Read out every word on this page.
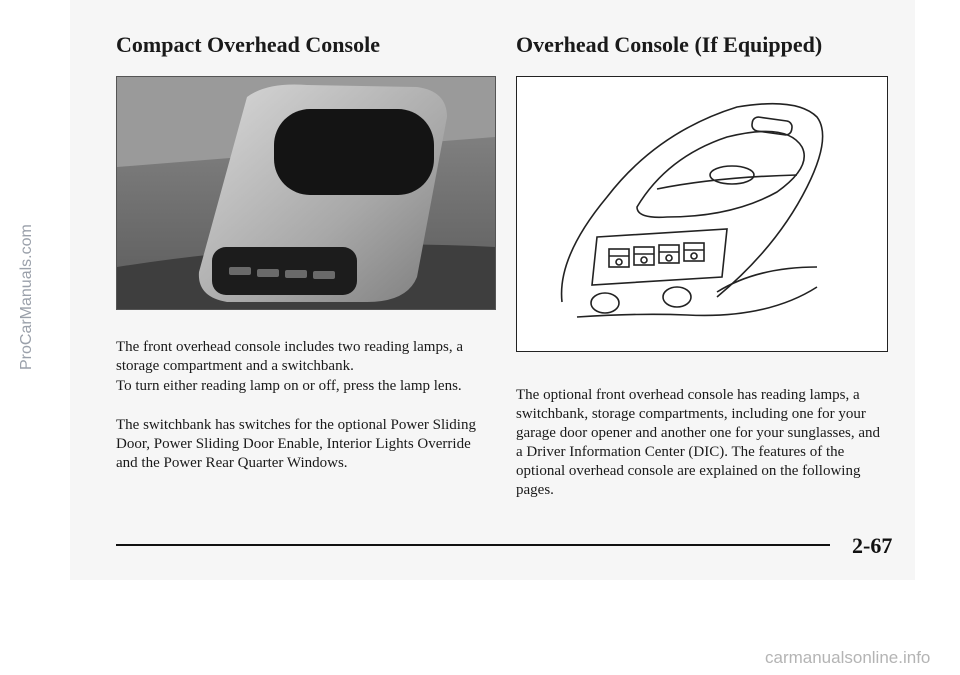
Compact Overhead Console	Overhead Console (If Equipped)

The front overhead console includes two reading lamps, a storage compartment and a switchbank.

To turn either reading lamp on or off, press the lamp lens.

The switchbank has switches for the optional Power Sliding Door, Power Sliding Door Enable, Interior Lights Override and the Power Rear Quarter Windows.

The optional front overhead console has reading lamps, a switchbank, storage compartments, including one for your garage door opener and another one for your sunglasses, and a Driver Information Center (DIC). The features of the optional overhead console are explained on the following pages.

2-67

ProCarManuals.com
carmanualsonline.info
